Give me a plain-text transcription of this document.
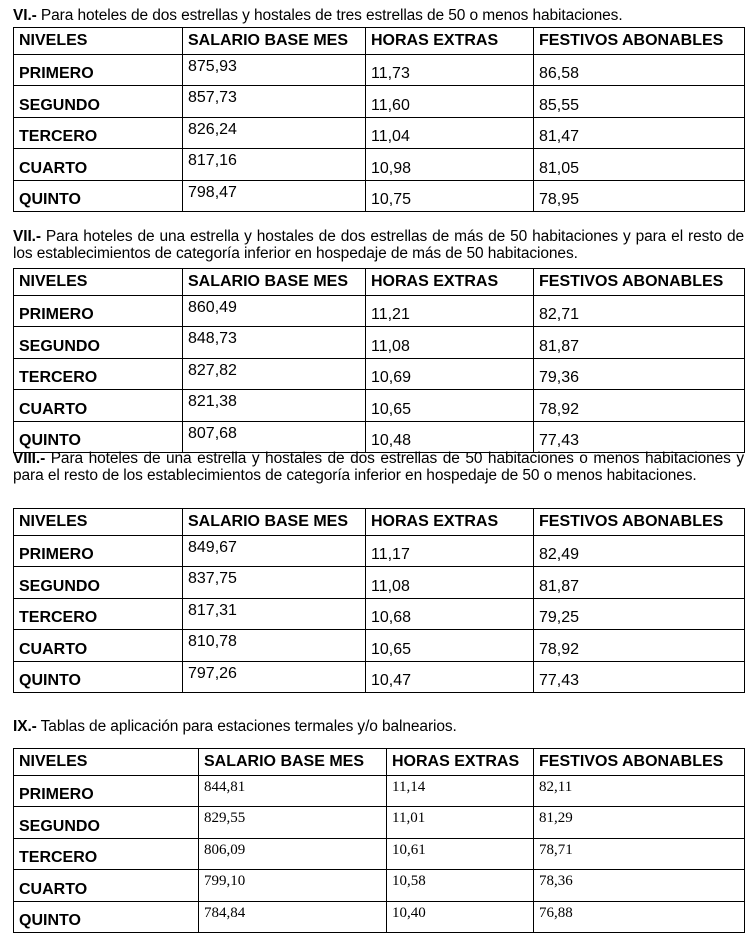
VI.- Para hoteles de dos estrellas y hostales de tres estrellas de 50 o menos habitaciones.
NIVELES	SALARIO BASE MES	HORAS EXTRAS	FESTIVOS ABONABLES
PRIMERO	875,93	11,73	86,58
SEGUNDO	857,73	11,60	85,55
TERCERO	826,24	11,04	81,47
CUARTO	817,16	10,98	81,05
QUINTO	798,47	10,75	78,95
VII.- Para hoteles de una estrella y hostales de dos estrellas de más de 50 habitaciones y para el resto de los establecimientos de categoría inferior en hospedaje de más de 50 habitaciones.
NIVELES	SALARIO BASE MES	HORAS EXTRAS	FESTIVOS ABONABLES
PRIMERO	860,49	11,21	82,71
SEGUNDO	848,73	11,08	81,87
TERCERO	827,82	10,69	79,36
CUARTO	821,38	10,65	78,92
QUINTO	807,68	10,48	77,43
VIII.- Para hoteles de una estrella y hostales de dos estrellas de 50 habitaciones o menos habitaciones y para el resto de los establecimientos de categoría inferior en hospedaje de 50 o menos habitaciones.
NIVELES	SALARIO BASE MES	HORAS EXTRAS	FESTIVOS ABONABLES
PRIMERO	849,67	11,17	82,49
SEGUNDO	837,75	11,08	81,87
TERCERO	817,31	10,68	79,25
CUARTO	810,78	10,65	78,92
QUINTO	797,26	10,47	77,43
IX.- Tablas de aplicación para estaciones termales y/o balnearios.
NIVELES	SALARIO BASE MES	HORAS EXTRAS	FESTIVOS ABONABLES
PRIMERO	844,81	11,14	82,11
SEGUNDO	829,55	11,01	81,29
TERCERO	806,09	10,61	78,71
CUARTO	799,10	10,58	78,36
QUINTO	784,84	10,40	76,88
